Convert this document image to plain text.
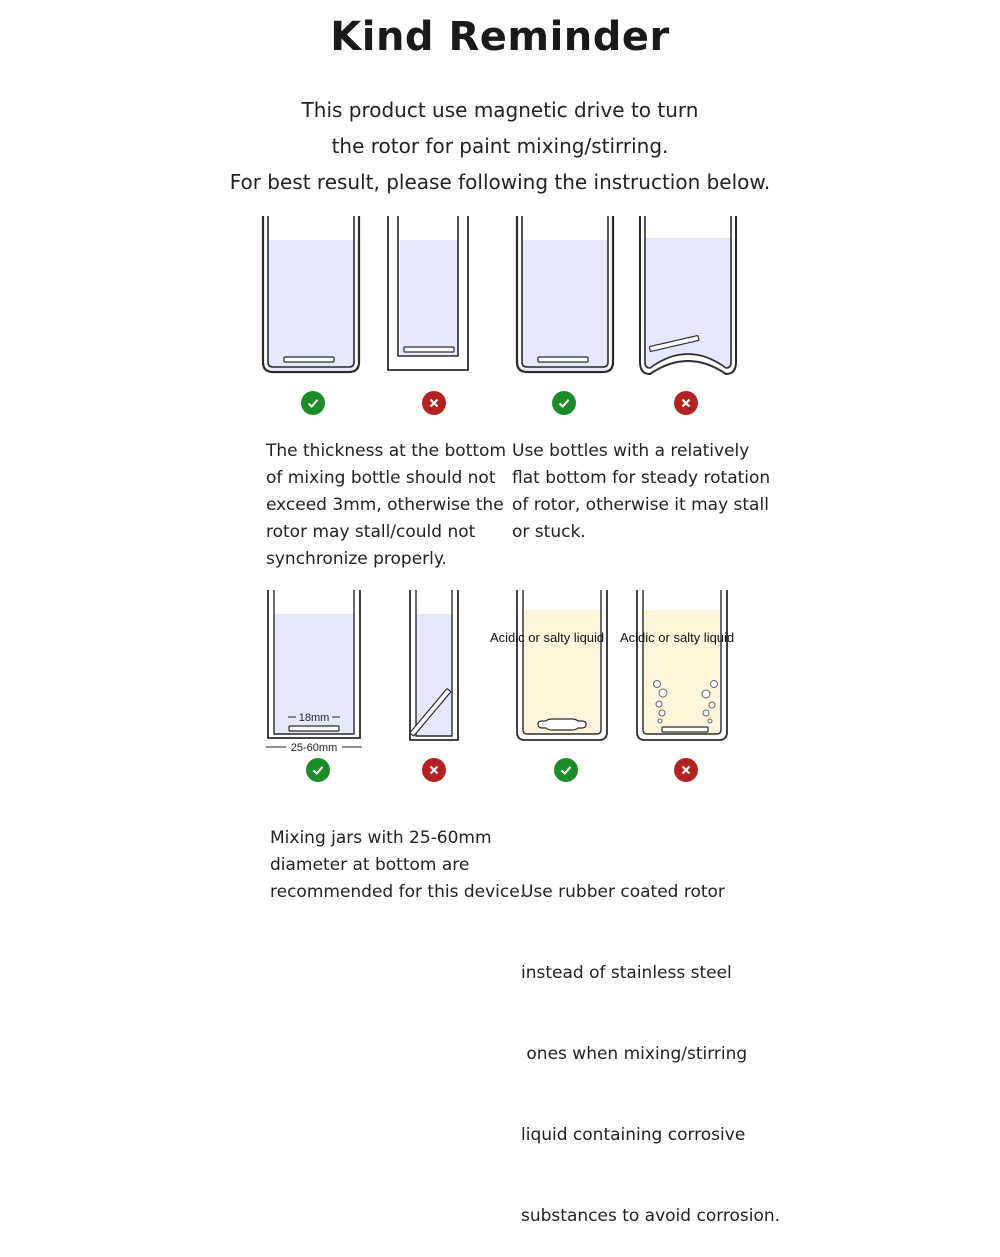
Kind Reminder
This product use magnetic drive to turn
the rotor for paint mixing/stirring.
For best result, please following the instruction below.
The thickness at the bottom
of mixing bottle should not
exceed 3mm, otherwise the
rotor may stall/could not
synchronize properly.
Use bottles with a relatively
flat bottom for steady rotation
of rotor, otherwise it may stall
or stuck.
18mm
25-60mm
Acidic or salty liquid Acidic or salty liquid
Mixing jars with 25-60mm
diameter at bottom are
recommended for this device.

Use rubber coated rotor

instead of stainless steel

ones when mixing/stirring

liquid containing corrosive

substances to avoid corrosion.
